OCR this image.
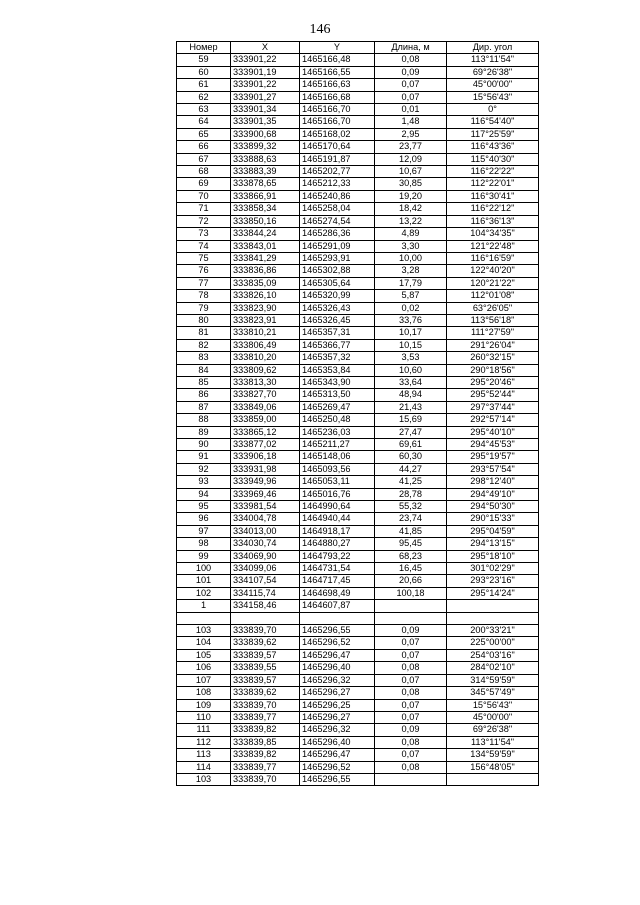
146
Номер	X	Y	Длина, м	Дир. угол
59	333901,22	1465166,48	0,08	113°11'54"
60	333901,19	1465166,55	0,09	69°26'38"
61	333901,22	1465166,63	0,07	45°00'00"
62	333901,27	1465166,68	0,07	15°56'43"
63	333901,34	1465166,70	0,01	0°
64	333901,35	1465166,70	1,48	116°54'40"
65	333900,68	1465168,02	2,95	117°25'59"
66	333899,32	1465170,64	23,77	116°43'36"
67	333888,63	1465191,87	12,09	115°40'30"
68	333883,39	1465202,77	10,67	116°22'22"
69	333878,65	1465212,33	30,85	112°22'01"
70	333866,91	1465240,86	19,20	116°30'41"
71	333858,34	1465258,04	18,42	116°22'12"
72	333850,16	1465274,54	13,22	116°36'13"
73	333844,24	1465286,36	4,89	104°34'35"
74	333843,01	1465291,09	3,30	121°22'48"
75	333841,29	1465293,91	10,00	116°16'59"
76	333836,86	1465302,88	3,28	122°40'20"
77	333835,09	1465305,64	17,79	120°21'22"
78	333826,10	1465320,99	5,87	112°01'08"
79	333823,90	1465326,43	0,02	63°26'05"
80	333823,91	1465326,45	33,76	113°56'18"
81	333810,21	1465357,31	10,17	111°27'59"
82	333806,49	1465366,77	10,15	291°26'04"
83	333810,20	1465357,32	3,53	260°32'15"
84	333809,62	1465353,84	10,60	290°18'56"
85	333813,30	1465343,90	33,64	295°20'46"
86	333827,70	1465313,50	48,94	295°52'44"
87	333849,06	1465269,47	21,43	297°37'44"
88	333859,00	1465250,48	15,69	292°57'14"
89	333865,12	1465236,03	27,47	295°40'10"
90	333877,02	1465211,27	69,61	294°45'53"
91	333906,18	1465148,06	60,30	295°19'57"
92	333931,98	1465093,56	44,27	293°57'54"
93	333949,96	1465053,11	41,25	298°12'40"
94	333969,46	1465016,76	28,78	294°49'10"
95	333981,54	1464990,64	55,32	294°50'30"
96	334004,78	1464940,44	23,74	290°15'33"
97	334013,00	1464918,17	41,85	295°04'59"
98	334030,74	1464880,27	95,45	294°13'15"
99	334069,90	1464793,22	68,23	295°18'10"
100	334099,06	1464731,54	16,45	301°02'29"
101	334107,54	1464717,45	20,66	293°23'16"
102	334115,74	1464698,49	100,18	295°14'24"
1	334158,46	1464607,87		

103	333839,70	1465296,55	0,09	200°33'21"
104	333839,62	1465296,52	0,07	225°00'00"
105	333839,57	1465296,47	0,07	254°03'16"
106	333839,55	1465296,40	0,08	284°02'10"
107	333839,57	1465296,32	0,07	314°59'59"
108	333839,62	1465296,27	0,08	345°57'49"
109	333839,70	1465296,25	0,07	15°56'43"
110	333839,77	1465296,27	0,07	45°00'00"
111	333839,82	1465296,32	0,09	69°26'38"
112	333839,85	1465296,40	0,08	113°11'54"
113	333839,82	1465296,47	0,07	134°59'59"
114	333839,77	1465296,52	0,08	156°48'05"
103	333839,70	1465296,55		
